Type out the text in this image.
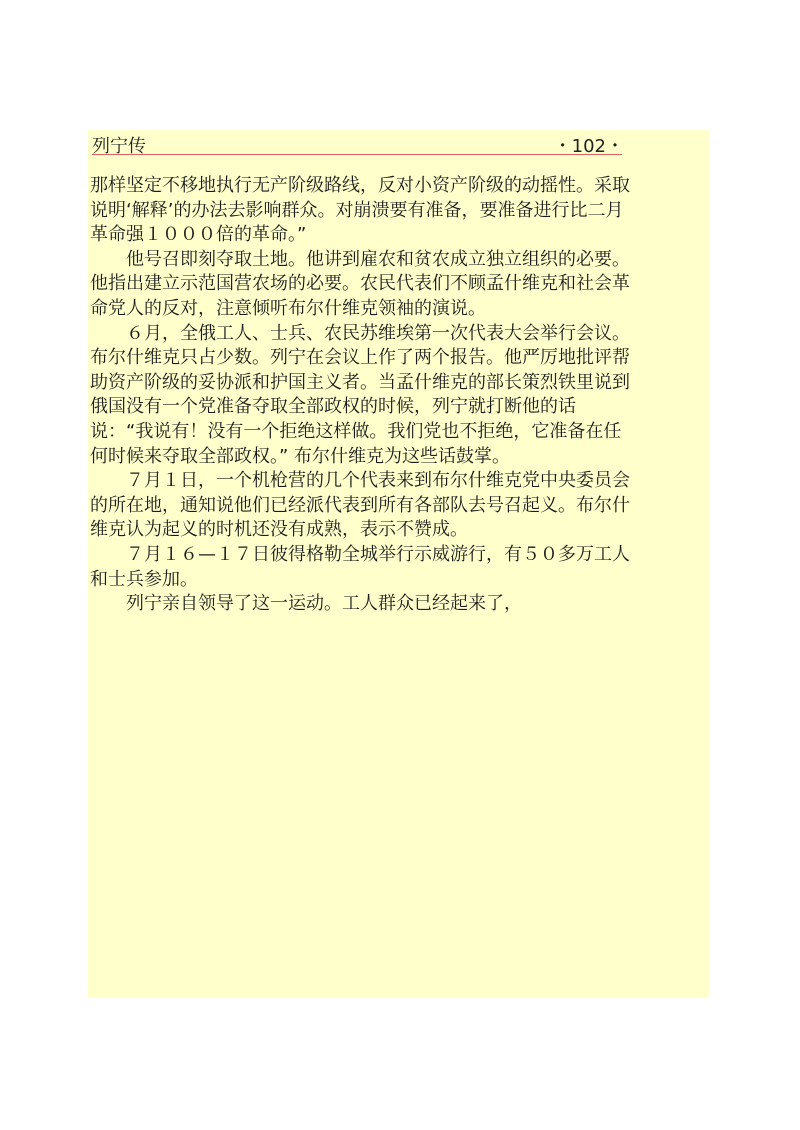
列宁传	・102・

那样坚定不移地执行无产阶级路线，反对小资产阶级的动摇性。采取说明‘解释’的办法去影响群众。对崩溃要有准备，要准备进行比二月革命强１０００倍的革命。”

他号召即刻夺取土地。他讲到雇农和贫农成立独立组织的必要。他指出建立示范国营农场的必要。农民代表们不顾孟什维克和社会革命党人的反对，注意倾听布尔什维克领袖的演说。

６月，全俄工人、士兵、农民苏维埃第一次代表大会举行会议。布尔什维克只占少数。列宁在会议上作了两个报告。他严厉地批评帮助资产阶级的妥协派和护国主义者。当孟什维克的部长策烈铁里说到俄国没有一个党准备夺取全部政权的时候，列宁就打断他的话说：“我说有！没有一个拒绝这样做。我们党也不拒绝，它准备在任何时候来夺取全部政权。” 布尔什维克为这些话鼓掌。

７月１日，一个机枪营的几个代表来到布尔什维克党中央委员会的所在地，通知说他们已经派代表到所有各部队去号召起义。布尔什维克认为起义的时机还没有成熟，表示不赞成。

７月１６—１７日彼得格勒全城举行示威游行，有５０多万工人和士兵参加。

列宁亲自领导了这一运动。工人群众已经起来了，
